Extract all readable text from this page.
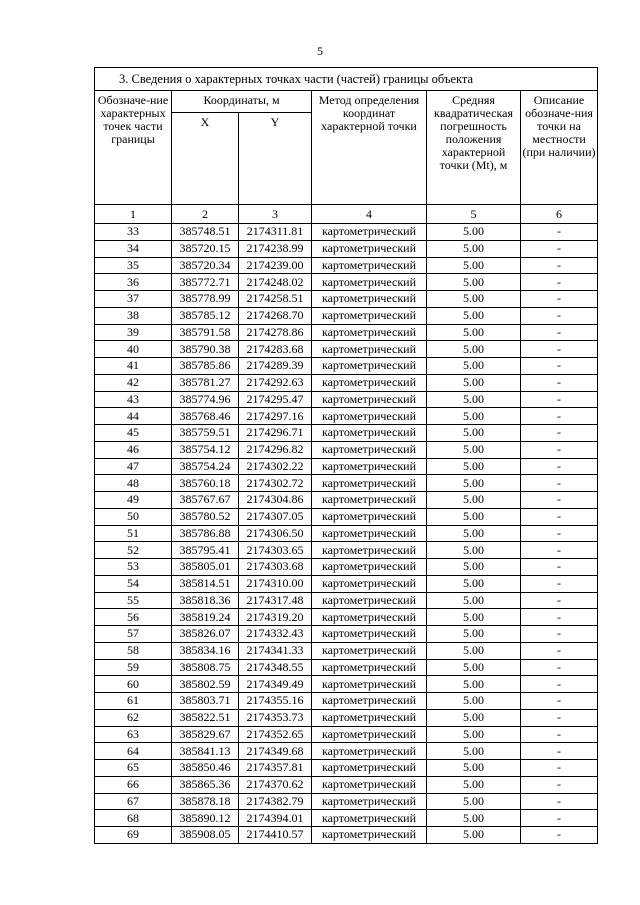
5
3. Сведения о характерных точках части (частей) границы объекта					
Обозначе-ние характерных точек части границы	Координаты, м		Метод определения координат характерной точки	Средняя квадратическая погрешность положения характерной точки (Mt), м	Описание обозначе-ния точки на местности (при наличии)
	X	Y			
1	2	3	4	5	6
33	385748.51	2174311.81	картометрический	5.00	-
34	385720.15	2174238.99	картометрический	5.00	-
35	385720.34	2174239.00	картометрический	5.00	-
36	385772.71	2174248.02	картометрический	5.00	-
37	385778.99	2174258.51	картометрический	5.00	-
38	385785.12	2174268.70	картометрический	5.00	-
39	385791.58	2174278.86	картометрический	5.00	-
40	385790.38	2174283.68	картометрический	5.00	-
41	385785.86	2174289.39	картометрический	5.00	-
42	385781.27	2174292.63	картометрический	5.00	-
43	385774.96	2174295.47	картометрический	5.00	-
44	385768.46	2174297.16	картометрический	5.00	-
45	385759.51	2174296.71	картометрический	5.00	-
46	385754.12	2174296.82	картометрический	5.00	-
47	385754.24	2174302.22	картометрический	5.00	-
48	385760.18	2174302.72	картометрический	5.00	-
49	385767.67	2174304.86	картометрический	5.00	-
50	385780.52	2174307.05	картометрический	5.00	-
51	385786.88	2174306.50	картометрический	5.00	-
52	385795.41	2174303.65	картометрический	5.00	-
53	385805.01	2174303.68	картометрический	5.00	-
54	385814.51	2174310.00	картометрический	5.00	-
55	385818.36	2174317.48	картометрический	5.00	-
56	385819.24	2174319.20	картометрический	5.00	-
57	385826.07	2174332.43	картометрический	5.00	-
58	385834.16	2174341.33	картометрический	5.00	-
59	385808.75	2174348.55	картометрический	5.00	-
60	385802.59	2174349.49	картометрический	5.00	-
61	385803.71	2174355.16	картометрический	5.00	-
62	385822.51	2174353.73	картометрический	5.00	-
63	385829.67	2174352.65	картометрический	5.00	-
64	385841.13	2174349.68	картометрический	5.00	-
65	385850.46	2174357.81	картометрический	5.00	-
66	385865.36	2174370.62	картометрический	5.00	-
67	385878.18	2174382.79	картометрический	5.00	-
68	385890.12	2174394.01	картометрический	5.00	-
69	385908.05	2174410.57	картометрический	5.00	-
